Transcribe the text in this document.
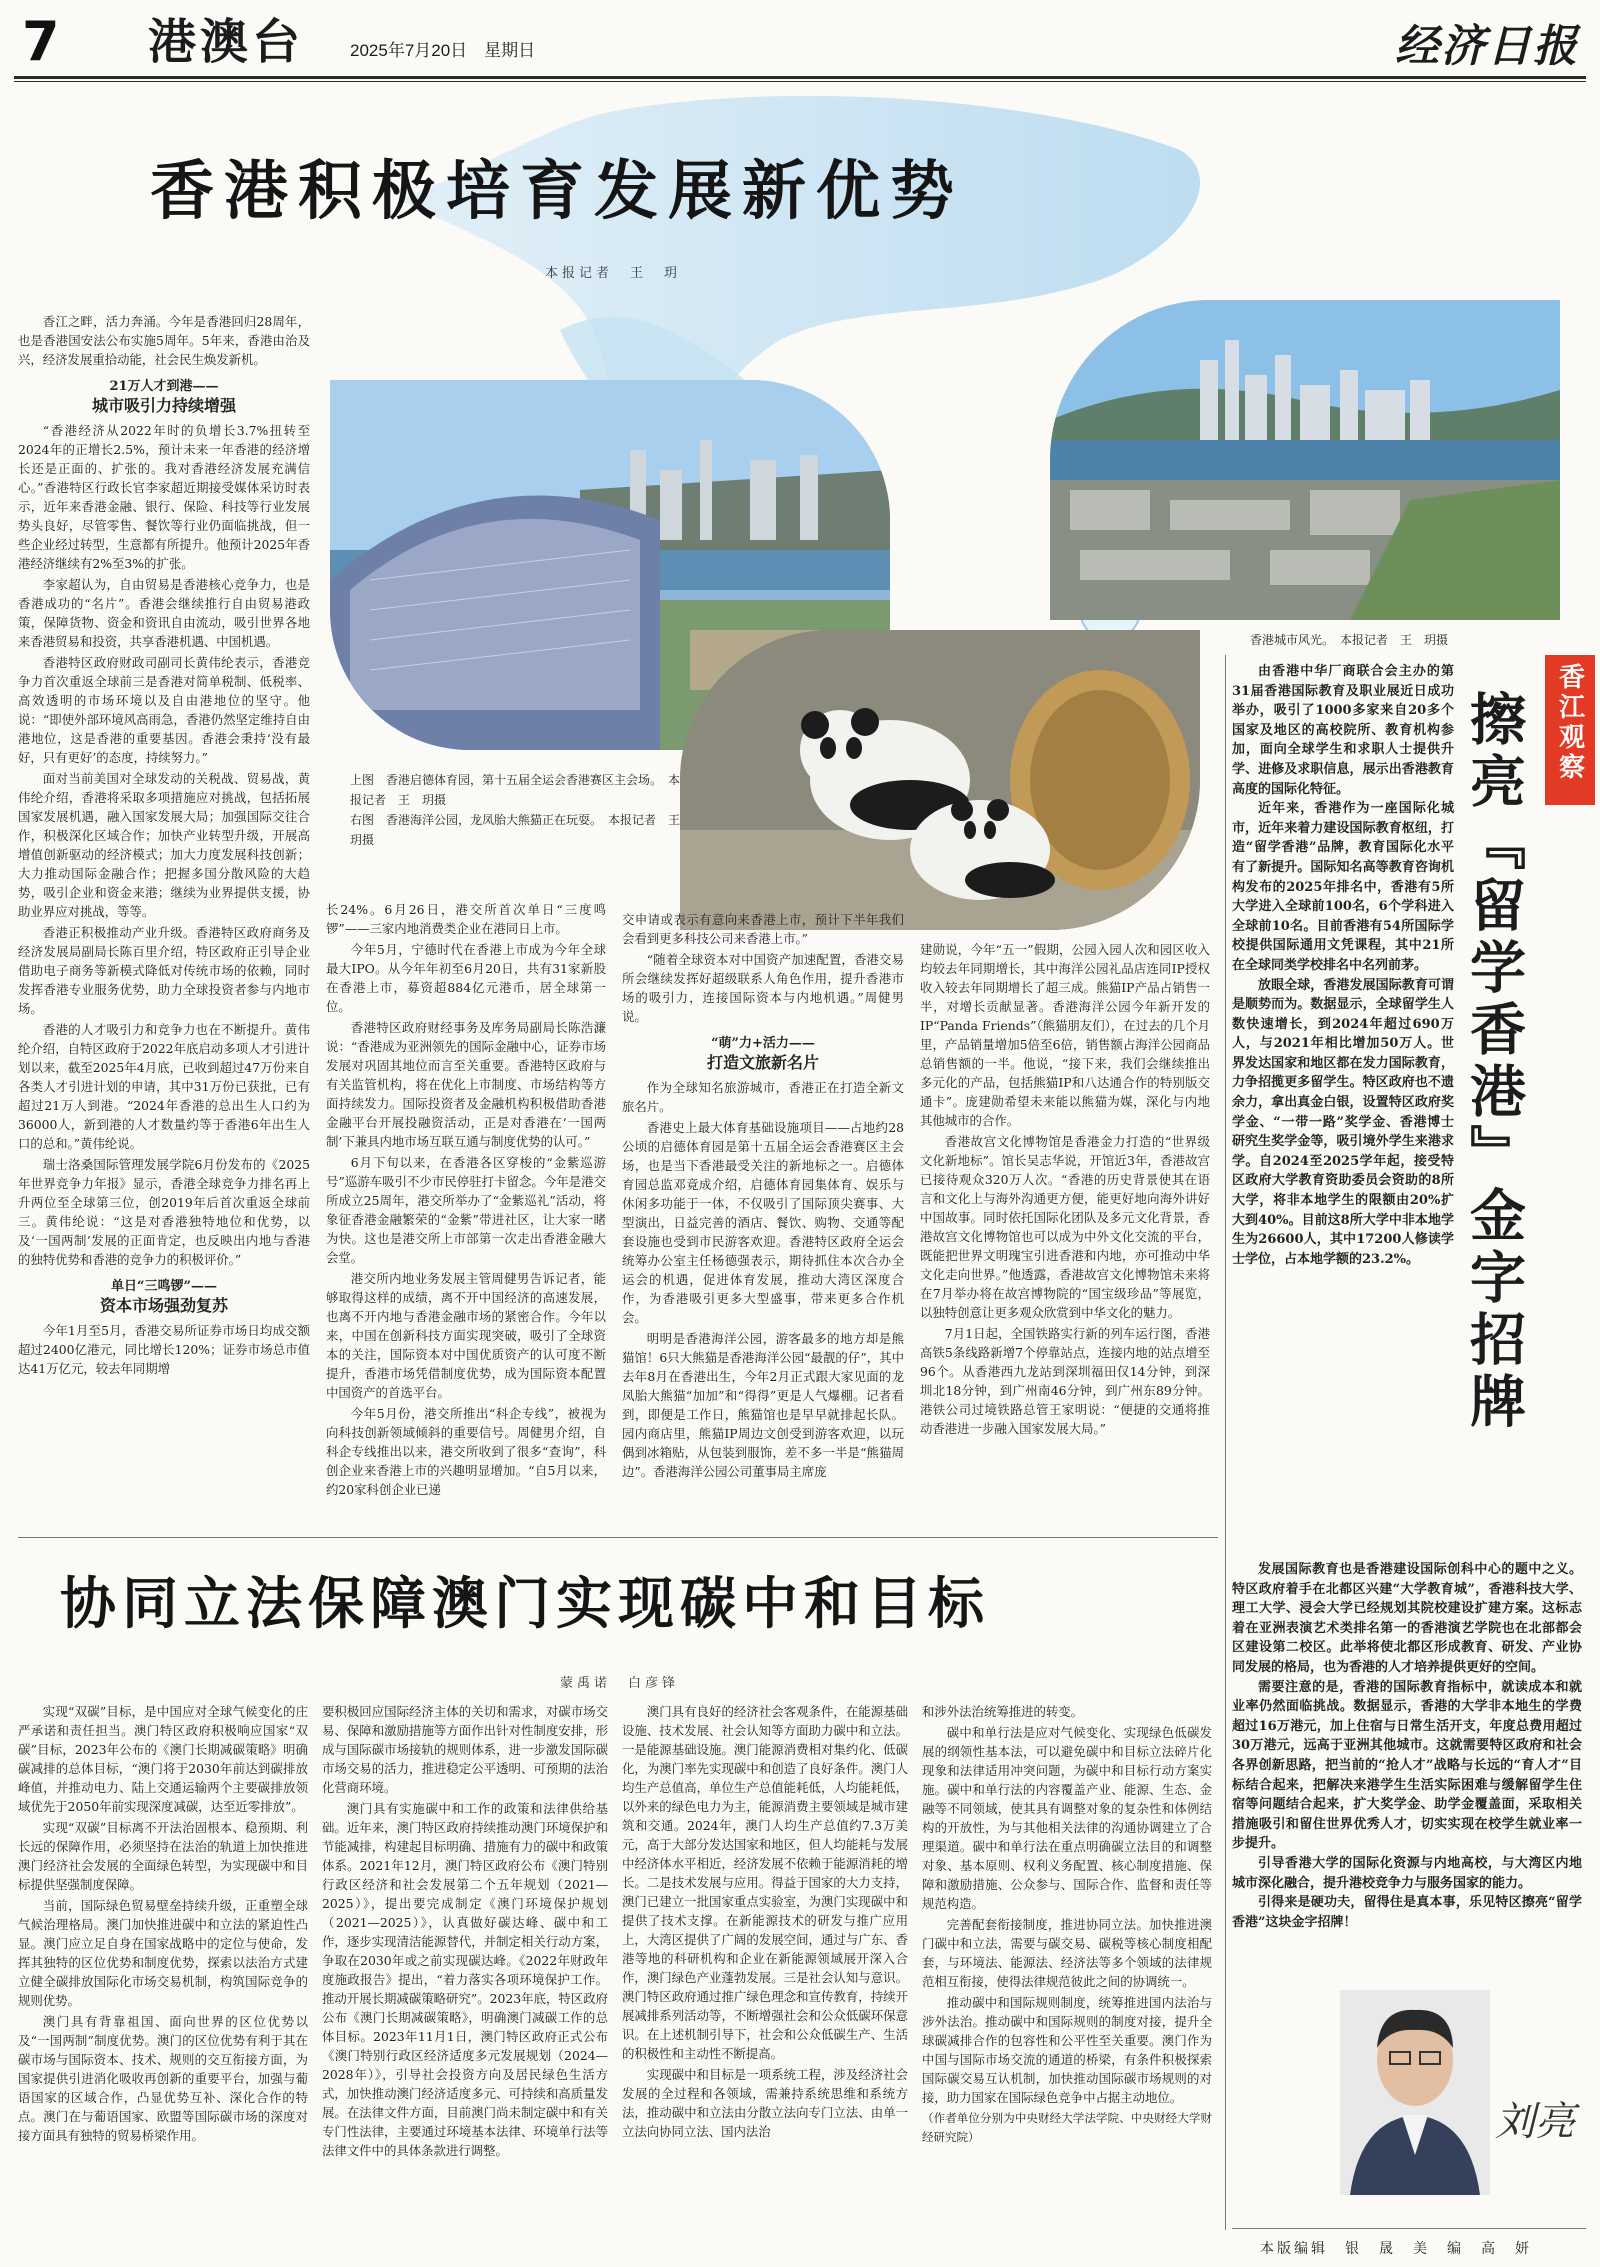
7 港澳台	2025年7月20日　星期日	经济日报
香港积极培育发展新优势
本报记者　王　玥
香港城市风光。　本报记者　王　玥摄
上图　香港启德体育园，第十五届全运会香港赛区主会场。　本报记者　王　玥摄
右图　香港海洋公园，龙凤胎大熊猫正在玩耍。　本报记者　王　玥摄

香江之畔，活力奔涌。今年是香港回归28周年，也是香港国安法公布实施5周年。5年来，香港由治及兴，经济发展重拾动能，社会民生焕发新机。

21万人才到港——
城市吸引力持续增强

“香港经济从2022年时的负增长3.7%扭转至2024年的正增长2.5%，预计未来一年香港的经济增长还是正面的、扩张的。我对香港经济发展充满信心。”香港特区行政长官李家超近期接受媒体采访时表示，近年来香港金融、银行、保险、科技等行业发展势头良好，尽管零售、餐饮等行业仍面临挑战，但一些企业经过转型，生意都有所提升。他预计2025年香港经济继续有2%至3%的扩张。

李家超认为，自由贸易是香港核心竞争力，也是香港成功的“名片”。香港会继续推行自由贸易港政策，保障货物、资金和资讯自由流动，吸引世界各地来香港贸易和投资，共享香港机遇、中国机遇。

香港特区政府财政司副司长黄伟纶表示，香港竞争力首次重返全球前三是香港对简单税制、低税率、高效透明的市场环境以及自由港地位的坚守。他说：“即使外部环境风高雨急，香港仍然坚定维持自由港地位，这是香港的重要基因。香港会秉持‘没有最好，只有更好’的态度，持续努力。”

面对当前美国对全球发动的关税战、贸易战，黄伟纶介绍，香港将采取多项措施应对挑战，包括拓展国家发展机遇，融入国家发展大局；加强国际交往合作，积极深化区域合作；加快产业转型升级，开展高增值创新驱动的经济模式；加大力度发展科技创新；大力推动国际金融合作；把握多国分散风险的大趋势，吸引企业和资金来港；继续为业界提供支援，协助业界应对挑战，等等。

香港正积极推动产业升级。香港特区政府商务及经济发展局副局长陈百里介绍，特区政府正引导企业借助电子商务等新模式降低对传统市场的依赖，同时发挥香港专业服务优势，助力全球投资者参与内地市场。

香港的人才吸引力和竞争力也在不断提升。黄伟纶介绍，自特区政府于2022年底启动多项人才引进计划以来，截至2025年4月底，已收到超过47万份来自各类人才引进计划的申请，其中31万份已获批，已有超过21万人到港。“2024年香港的总出生人口约为36000人，新到港的人才数量约等于香港6年出生人口的总和。”黄伟纶说。

瑞士洛桑国际管理发展学院6月份发布的《2025年世界竞争力年报》显示，香港全球竞争力排名再上升两位至全球第三位，创2019年后首次重返全球前三。黄伟纶说：“这是对香港独特地位和优势，以及‘一国两制’发展的正面肯定，也反映出内地与香港的独特优势和香港的竞争力的积极评价。”

单日“三鸣锣”——
资本市场强劲复苏

今年1月至5月，香港交易所证券市场日均成交额超过2400亿港元，同比增长120%；证券市场总市值达41万亿元，较去年同期增

长24%。6月26日，港交所首次单日“三度鸣锣”——三家内地消费类企业在港同日上市。

今年5月，宁德时代在香港上市成为今年全球最大IPO。从今年年初至6月20日，共有31家新股在香港上市，募资超884亿元港币，居全球第一位。

香港特区政府财经事务及库务局副局长陈浩濂说：“香港成为亚洲领先的国际金融中心，证券市场发展对巩固其地位而言至关重要。香港特区政府与有关监管机构，将在优化上市制度、市场结构等方面持续发力。国际投资者及金融机构积极借助香港金融平台开展投融资活动，正是对香港在‘一国两制’下兼具内地市场互联互通与制度优势的认可。”

6月下旬以来，在香港各区穿梭的“金紫巡游号”巡游车吸引不少市民停驻打卡留念。今年是港交所成立25周年，港交所举办了“金紫巡礼”活动，将象征香港金融繁荣的“金紫”带进社区，让大家一睹为快。这也是港交所上市部第一次走出香港金融大会堂。

港交所内地业务发展主管周健男告诉记者，能够取得这样的成绩，离不开中国经济的高速发展，也离不开内地与香港金融市场的紧密合作。今年以来，中国在创新科技方面实现突破，吸引了全球资本的关注，国际资本对中国优质资产的认可度不断提升，香港市场凭借制度优势，成为国际资本配置中国资产的首选平台。

今年5月份，港交所推出“科企专线”，被视为向科技创新领域倾斜的重要信号。周健男介绍，自科企专线推出以来，港交所收到了很多“查询”，科创企业来香港上市的兴趣明显增加。“自5月以来，约20家科创企业已递

交申请或表示有意向来香港上市，预计下半年我们会看到更多科技公司来香港上市。”

“随着全球资本对中国资产加速配置，香港交易所会继续发挥好超级联系人角色作用，提升香港市场的吸引力，连接国际资本与内地机遇。”周健男说。

“萌”力+活力——
打造文旅新名片

作为全球知名旅游城市，香港正在打造全新文旅名片。

香港史上最大体育基础设施项目——占地约28公顷的启德体育园是第十五届全运会香港赛区主会场，也是当下香港最受关注的新地标之一。启德体育园总监邓竟成介绍，启德体育园集体育、娱乐与休闲多功能于一体，不仅吸引了国际顶尖赛事、大型演出，日益完善的酒店、餐饮、购物、交通等配套设施也受到市民游客欢迎。香港特区政府全运会统筹办公室主任杨德强表示，期待抓住本次合办全运会的机遇，促进体育发展，推动大湾区深度合作，为香港吸引更多大型盛事，带来更多合作机会。

明明是香港海洋公园，游客最多的地方却是熊猫馆！6只大熊猫是香港海洋公园“最靓的仔”，其中去年8月在香港出生，今年2月正式跟大家见面的龙凤胎大熊猫“加加”和“得得”更是人气爆棚。记者看到，即便是工作日，熊猫馆也是早早就排起长队。园内商店里，熊猫IP周边文创受到游客欢迎，以玩偶到冰箱贴，从包装到服饰，差不多一半是“熊猫周边”。香港海洋公园公司董事局主席庞

建勋说，今年“五一”假期，公园入园人次和园区收入均较去年同期增长，其中海洋公园礼品店连同IP授权收入较去年同期增长了超三成。熊猫IP产品占销售一半，对增长贡献显著。香港海洋公园今年新开发的IP“Panda Friends”（熊猫朋友们），在过去的几个月里，产品销量增加5倍至6倍，销售额占海洋公园商品总销售额的一半。他说，“接下来，我们会继续推出多元化的产品，包括熊猫IP和八达通合作的特别版交通卡”。庞建勋希望未来能以熊猫为媒，深化与内地其他城市的合作。

香港故宫文化博物馆是香港金力打造的“世界级文化新地标”。馆长吴志华说，开馆近3年，香港故宫已接待观众320万人次。“香港的历史背景使其在语言和文化上与海外沟通更方便，能更好地向海外讲好中国故事。同时依托国际化团队及多元文化背景，香港故宫文化博物馆也可以成为中外文化交流的平台，既能把世界文明瑰宝引进香港和内地，亦可推动中华文化走向世界。”他透露，香港故宫文化博物馆未来将在7月举办将在故宫博物院的“国宝级珍品”等展览，以独特创意让更多观众欣赏到中华文化的魅力。

7月1日起，全国铁路实行新的列车运行图，香港高铁5条线路新增7个停靠站点，连接内地的站点增至96个。从香港西九龙站到深圳福田仅14分钟，到深圳北18分钟，到广州南46分钟，到广州东89分钟。港铁公司过境铁路总管王家明说：“便捷的交通将推动香港进一步融入国家发展大局。”

香江观察
擦亮『留学香港』金字招牌

由香港中华厂商联合会主办的第31届香港国际教育及职业展近日成功举办，吸引了1000多家来自20多个国家及地区的高校院所、教育机构参加，面向全球学生和求职人士提供升学、进修及求职信息，展示出香港教育高度的国际化特征。

近年来，香港作为一座国际化城市，近年来着力建设国际教育枢纽，打造“留学香港”品牌，教育国际化水平有了新提升。国际知名高等教育咨询机构发布的2025年排名中，香港有5所大学进入全球前100名，6个学科进入全球前10名。目前香港有54所国际学校提供国际通用文凭课程，其中21所在全球同类学校排名中名列前茅。

放眼全球，香港发展国际教育可谓是顺势而为。数据显示，全球留学生人数快速增长，到2024年超过690万人，与2021年相比增加50万人。世界发达国家和地区都在发力国际教育，力争招揽更多留学生。特区政府也不遗余力，拿出真金白银，设置特区政府奖学金、“一带一路”奖学金、香港博士研究生奖学金等，吸引境外学生来港求学。自2024至2025学年起，接受特区政府大学教育资助委员会资助的8所大学，将非本地学生的限额由20%扩大到40%。目前这8所大学中非本地学生为26600人，其中17200人修读学士学位，占本地学额的23.2%。

发展国际教育也是香港建设国际创科中心的题中之义。特区政府着手在北都区兴建“大学教育城”，香港科技大学、理工大学、浸会大学已经规划其院校建设扩建方案。这标志着在亚洲表演艺术类排名第一的香港演艺学院也在北部都会区建设第二校区。此举将使北都区形成教育、研发、产业协同发展的格局，也为香港的人才培养提供更好的空间。

需要注意的是，香港的国际教育指标中，就读成本和就业率仍然面临挑战。数据显示，香港的大学非本地生的学费超过16万港元，加上住宿与日常生活开支，年度总费用超过30万港元，远高于亚洲其他城市。这就需要特区政府和社会各界创新思路，把当前的“抢人才”战略与长远的“育人才”目标结合起来，把解决来港学生生活实际困难与缓解留学生住宿等问题结合起来，扩大奖学金、助学金覆盖面，采取相关措施吸引和留住世界优秀人才，切实实现在校学生就业率一步提升。

引导香港大学的国际化资源与内地高校，与大湾区内地城市深化融合，提升港校竞争力与服务国家的能力。

引得来是硬功夫，留得住是真本事，乐见特区擦亮“留学香港”这块金字招牌！

刘亮
协同立法保障澳门实现碳中和目标
蒙禹诺　白彦锋

实现“双碳”目标，是中国应对全球气候变化的庄严承诺和责任担当。澳门特区政府积极响应国家“双碳”目标，2023年公布的《澳门长期减碳策略》明确碳减排的总体目标，“澳门将于2030年前达到碳排放峰值，并推动电力、陆上交通运输两个主要碳排放领域优先于2050年前实现深度减碳，达至近零排放”。

实现“双碳”目标离不开法治固根本、稳预期、利长远的保障作用，必须坚持在法治的轨道上加快推进澳门经济社会发展的全面绿色转型，为实现碳中和目标提供坚强制度保障。

当前，国际绿色贸易壁垒持续升级，正重塑全球气候治理格局。澳门加快推进碳中和立法的紧迫性凸显。澳门应立足自身在国家战略中的定位与使命，发挥其独特的区位优势和制度优势，探索以法治方式建立健全碳排放国际化市场交易机制，构筑国际竞争的规则优势。

澳门具有背靠祖国、面向世界的区位优势以及“一国两制”制度优势。澳门的区位优势有利于其在碳市场与国际资本、技术、规则的交互衔接方面，为国家提供引进消化吸收再创新的重要平台，加强与葡语国家的区域合作，凸显优势互补、深化合作的特点。澳门在与葡语国家、欧盟等国际碳市场的深度对接方面具有独特的贸易桥梁作用。

要积极回应国际经济主体的关切和需求，对碳市场交易、保障和激励措施等方面作出针对性制度安排，形成与国际碳市场接轨的规则体系，进一步激发国际碳市场交易的活力，推进稳定公平透明、可预期的法治化营商环境。

澳门具有实施碳中和工作的政策和法律供给基础。近年来，澳门特区政府持续推动澳门环境保护和节能减排，构建起目标明确、措施有力的碳中和政策体系。2021年12月，澳门特区政府公布《澳门特别行政区经济和社会发展第二个五年规划（2021—2025）》，提出要完成制定《澳门环境保护规划（2021—2025）》，认真做好碳达峰、碳中和工作，逐步实现清洁能源替代，并制定相关行动方案，争取在2030年或之前实现碳达峰。《2022年财政年度施政报告》提出，“着力落实各项环境保护工作。推动开展长期减碳策略研究”。2023年底，特区政府公布《澳门长期减碳策略》，明确澳门减碳工作的总体目标。2023年11月1日，澳门特区政府正式公布《澳门特别行政区经济适度多元发展规划（2024—2028年）》，引导社会投资方向及居民绿色生活方式，加快推动澳门经济适度多元、可持续和高质量发展。在法律文件方面，目前澳门尚未制定碳中和有关专门性法律，主要通过环境基本法律、环境单行法等法律文件中的具体条款进行调整。

澳门具有良好的经济社会客观条件，在能源基础设施、技术发展、社会认知等方面助力碳中和立法。一是能源基础设施。澳门能源消费相对集约化、低碳化，为澳门率先实现碳中和创造了良好条件。澳门人均生产总值高，单位生产总值能耗低，人均能耗低，以外来的绿色电力为主，能源消费主要领域是城市建筑和交通。2024年，澳门人均生产总值约7.3万美元，高于大部分发达国家和地区，但人均能耗与发展中经济体水平相近，经济发展不依赖于能源消耗的增长。二是技术发展与应用。得益于国家的大力支持，澳门已建立一批国家重点实验室，为澳门实现碳中和提供了技术支撑。在新能源技术的研发与推广应用上，大湾区提供了广阔的发展空间，通过与广东、香港等地的科研机构和企业在新能源领域展开深入合作，澳门绿色产业蓬勃发展。三是社会认知与意识。澳门特区政府通过推广绿色理念和宣传教育，持续开展减排系列活动等，不断增强社会和公众低碳环保意识。在上述机制引导下，社会和公众低碳生产、生活的积极性和主动性不断提高。

实现碳中和目标是一项系统工程，涉及经济社会发展的全过程和各领域，需兼持系统思维和系统方法，推动碳中和立法由分散立法向专门立法、由单一立法向协同立法、国内法治

和涉外法治统筹推进的转变。

碳中和单行法是应对气候变化、实现绿色低碳发展的纲领性基本法，可以避免碳中和目标立法碎片化现象和法律适用冲突问题，为碳中和目标行动方案实施。碳中和单行法的内容覆盖产业、能源、生态、金融等不同领域，使其具有调整对象的复杂性和体例结构的开放性，为与其他相关法律的沟通协调建立了合理渠道。碳中和单行法在重点明确碳立法目的和调整对象、基本原则、权利义务配置、核心制度措施、保障和激励措施、公众参与、国际合作、监督和责任等规范构造。

完善配套衔接制度，推进协同立法。加快推进澳门碳中和立法，需要与碳交易、碳税等核心制度相配套，与环境法、能源法、经济法等多个领域的法律规范相互衔接，使得法律规范彼此之间的协调统一。

推动碳中和国际规则制度，统筹推进国内法治与涉外法治。推动碳中和国际规则的制度对接，提升全球碳减排合作的包容性和公平性至关重要。澳门作为中国与国际市场交流的通道的桥梁，有条件积极探索国际碳交易互认机制，加快推动国际碳市场规则的对接，助力国家在国际绿色竞争中占据主动地位。

（作者单位分别为中央财经大学法学院、中央财经大学财经研究院）

本版编辑　银　晟　美　编　高　妍
